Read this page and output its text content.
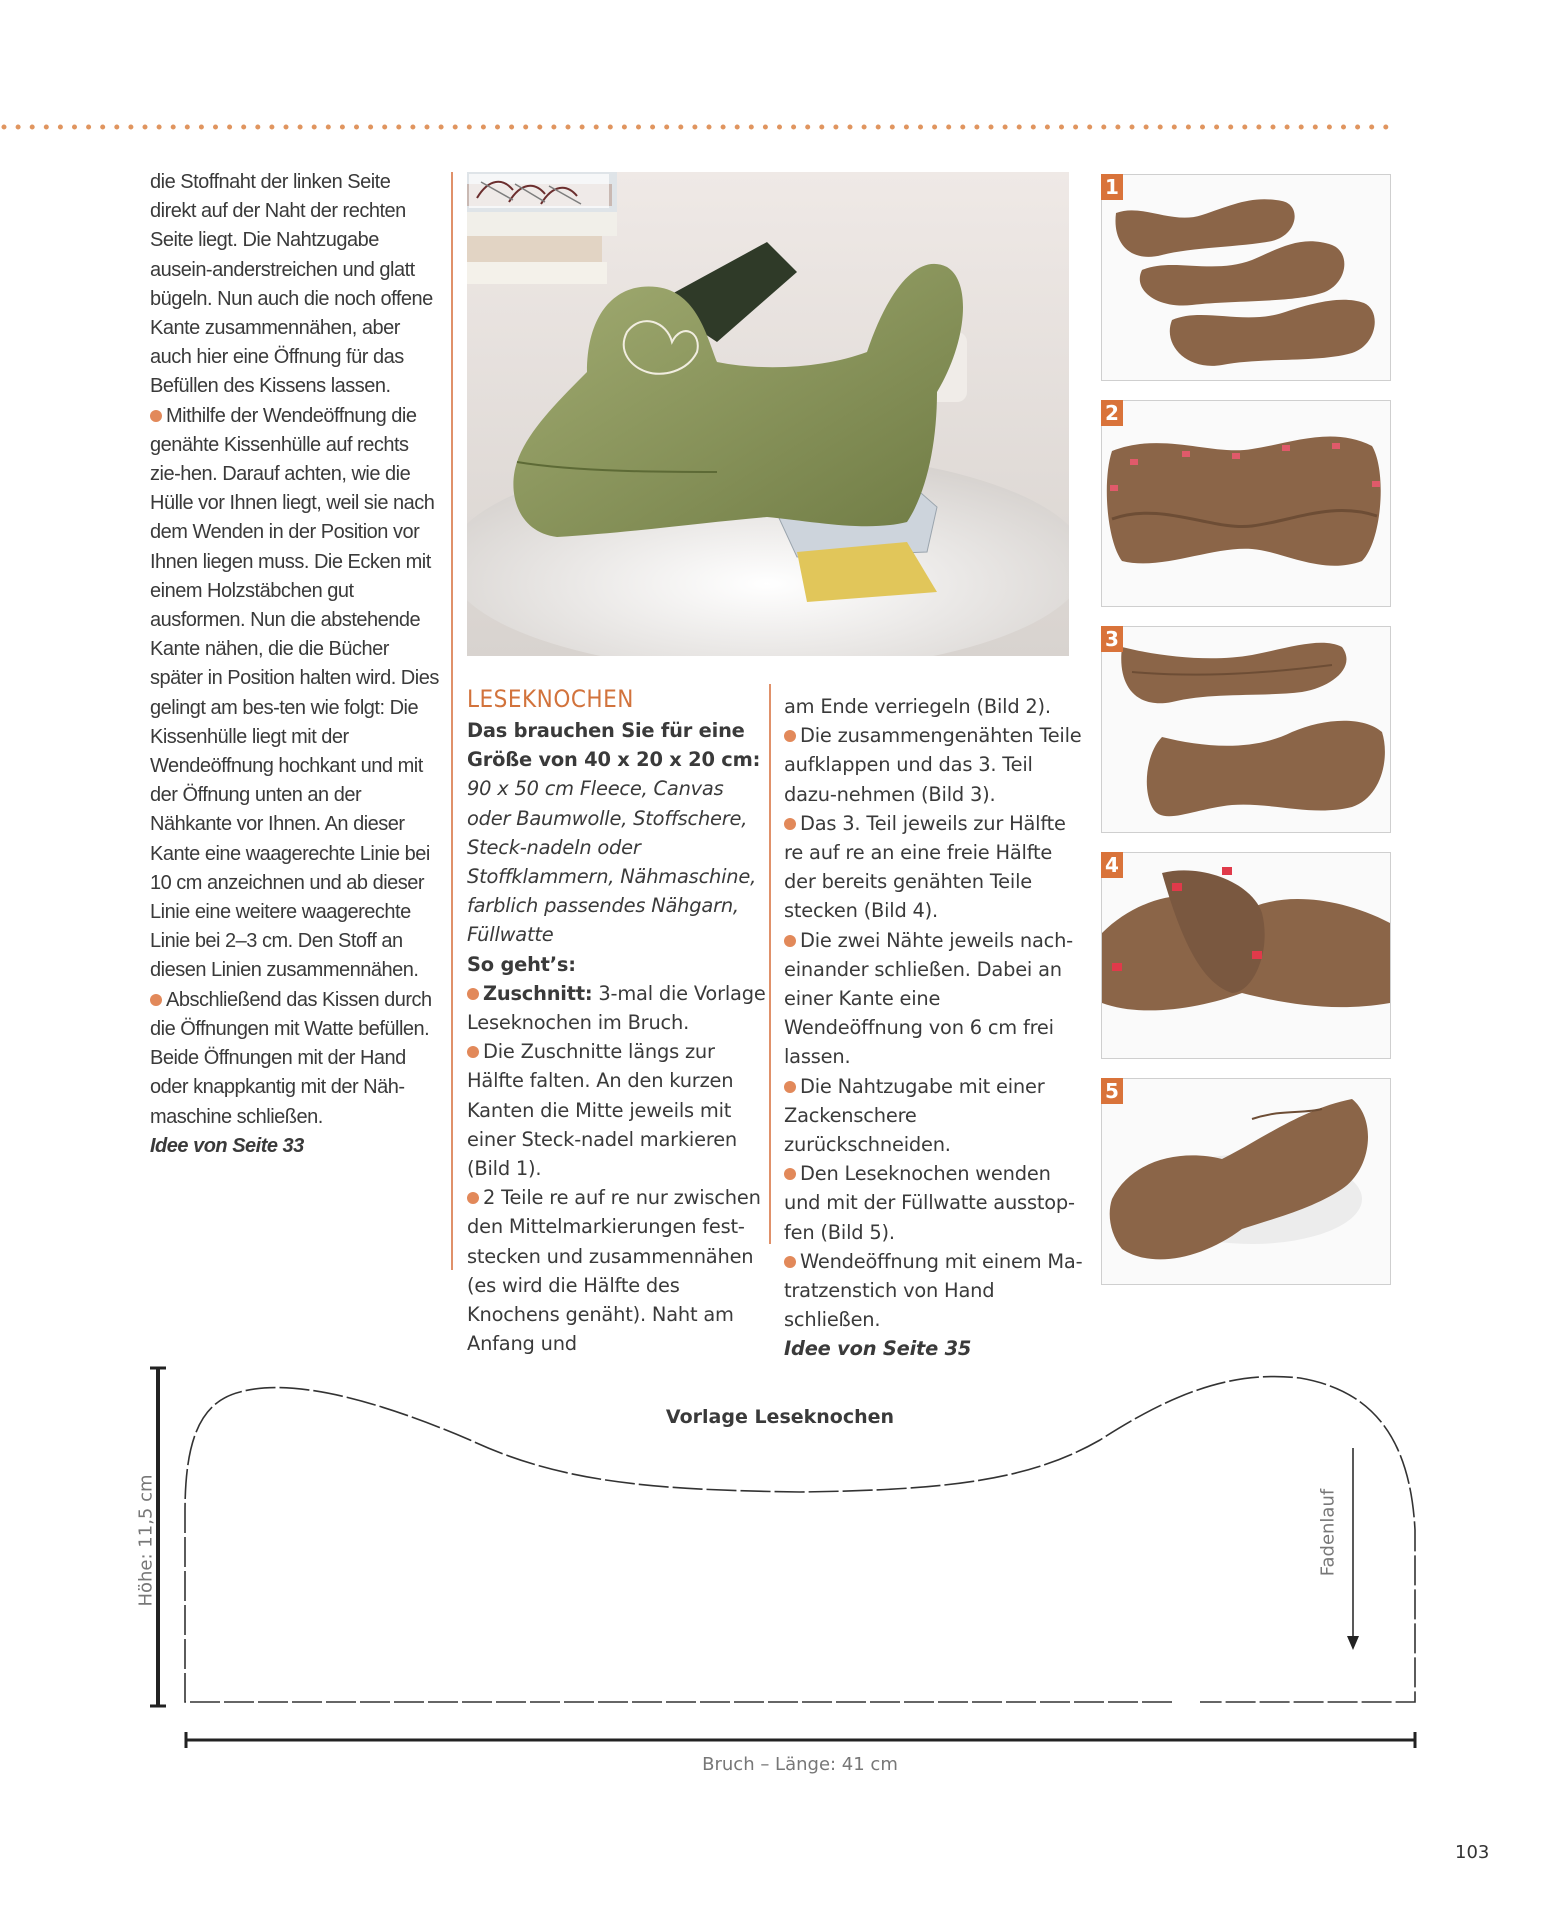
die Stoffnaht der linken Seite direkt auf der Naht der rechten Seite liegt. Die Nahtzugabe ausein-anderstreichen und glatt bügeln. Nun auch die noch offene Kante zusammennähen, aber auch hier eine Öffnung für das Befüllen des Kissens lassen.

Mithilfe der Wendeöffnung die genähte Kissenhülle auf rechts zie-hen. Darauf achten, wie die Hülle vor Ihnen liegt, weil sie nach dem Wenden in der Position vor Ihnen liegen muss. Die Ecken mit einem Holzstäbchen gut ausformen. Nun die abstehende Kante nähen, die die Bücher später in Position halten wird. Dies gelingt am bes-ten wie folgt: Die Kissenhülle liegt mit der Wendeöffnung hochkant und mit der Öffnung unten an der Nähkante vor Ihnen. An dieser Kante eine waagerechte Linie bei 10 cm anzeichnen und ab dieser Linie eine weitere waagerechte Linie bei 2–3 cm. Den Stoff an diesen Linien zusammennähen.

Abschließend das Kissen durch die Öffnungen mit Watte befüllen. Beide Öffnungen mit der Hand oder knappkantig mit der Näh-maschine schließen.

Idee von Seite 33

LESEKNOCHEN

Das brauchen Sie für eine Größe von 40 x 20 x 20 cm:

90 x 50 cm Fleece, Canvas oder Baumwolle, Stoffschere, Steck-nadeln oder Stoffklammern, Nähmaschine, farblich passendes Nähgarn, Füllwatte

So geht’s:

Zuschnitt: 3-mal die Vorlage Leseknochen im Bruch.

Die Zuschnitte längs zur Hälfte falten. An den kurzen Kanten die Mitte jeweils mit einer Steck-nadel markieren (Bild 1).

2 Teile re auf re nur zwischen den Mittelmarkierungen fest-stecken und zusammennähen (es wird die Hälfte des Knochens genäht). Naht am Anfang und

am Ende verriegeln (Bild 2).

Die zusammengenähten Teile aufklappen und das 3. Teil dazu-nehmen (Bild 3).

Das 3. Teil jeweils zur Hälfte re auf re an eine freie Hälfte der bereits genähten Teile stecken (Bild 4).

Die zwei Nähte jeweils nach-einander schließen. Dabei an einer Kante eine Wendeöffnung von 6 cm frei lassen.

Die Nahtzugabe mit einer Zackenschere zurückschneiden.

Den Leseknochen wenden und mit der Füllwatte ausstop-fen (Bild 5).

Wendeöffnung mit einem Ma-tratzenstich von Hand schließen.

Idee von Seite 35

1
2
3
4
5
Vorlage Leseknochen
Höhe: 11,5 cm	Fadenlauf
Bruch – Länge: 41 cm
103
